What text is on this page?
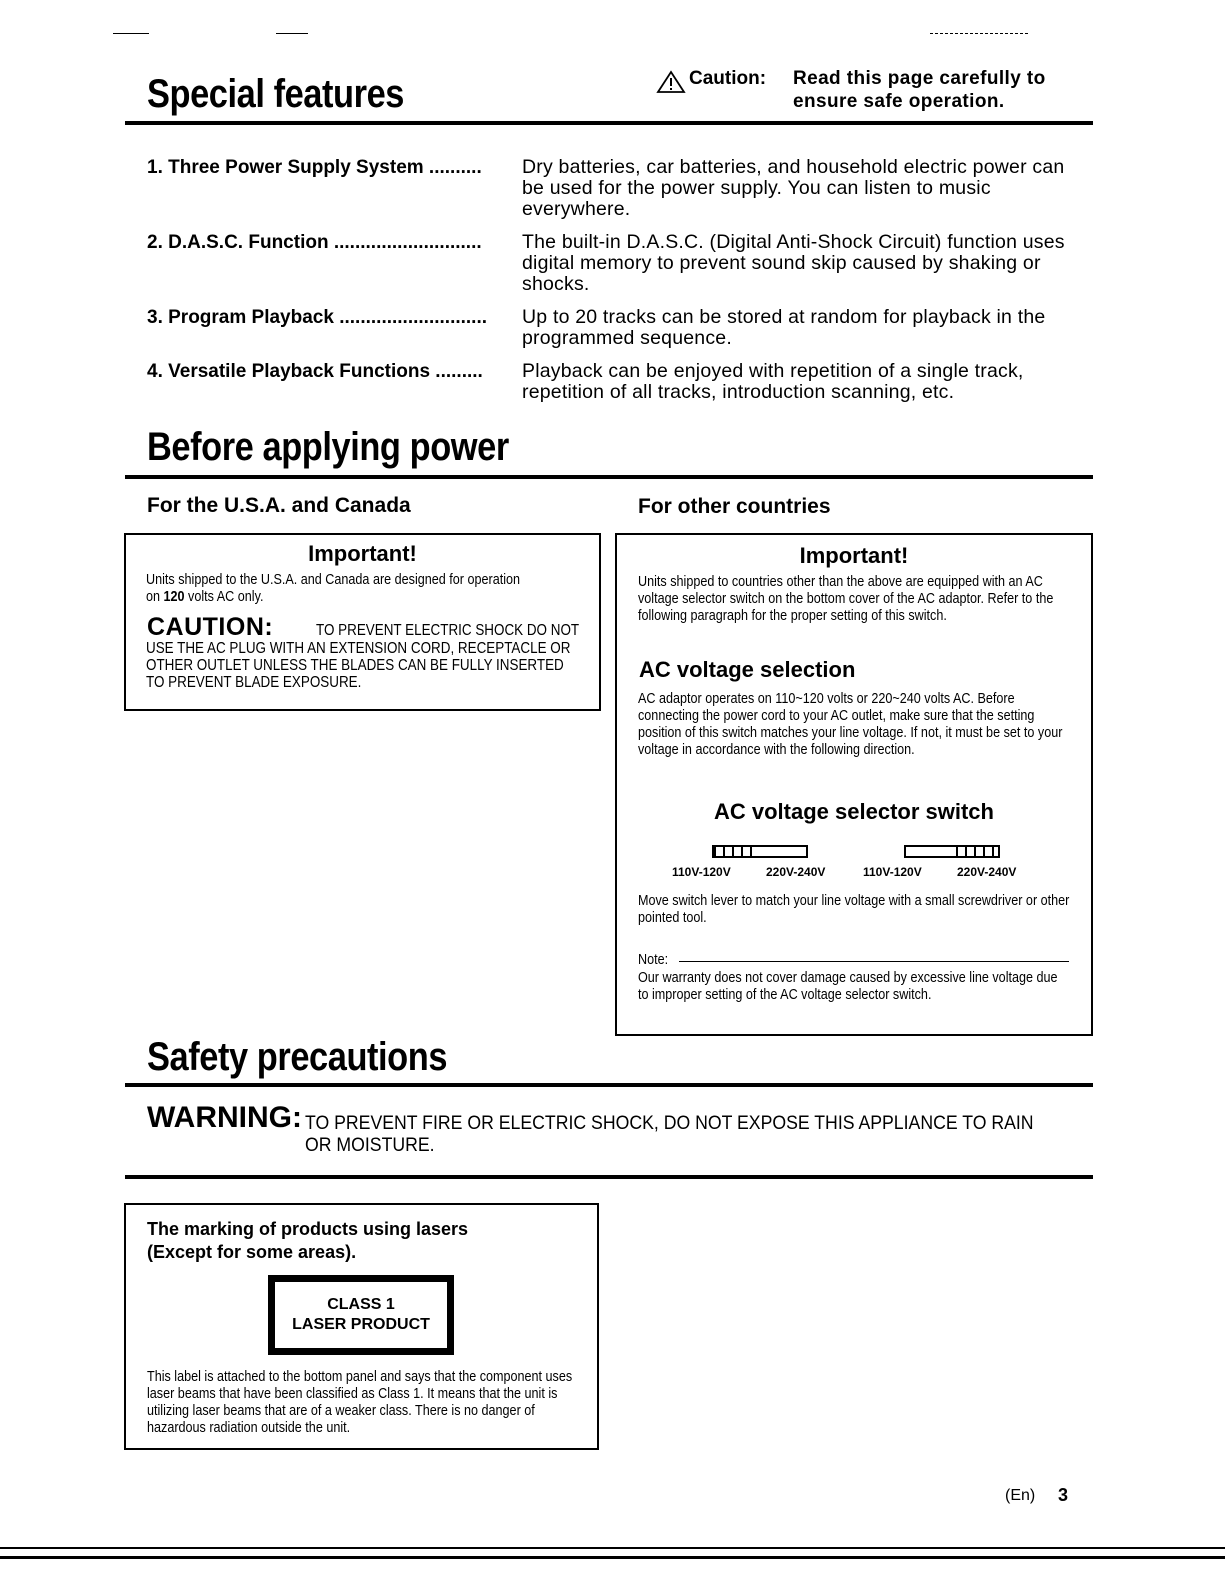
Special features	Caution: Read this page carefully to
ensure safe operation.
1. Three Power Supply System .......... Dry batteries, car batteries, and household electric power can be used for the power supply. You can listen to music everywhere.
2. D.A.S.C. Function ............................ The built-in D.A.S.C. (Digital Anti-Shock Circuit) function uses digital memory to prevent sound skip caused by shaking or shocks.
3. Program Playback ............................ Up to 20 tracks can be stored at random for playback in the programmed sequence.
4. Versatile Playback Functions ......... Playback can be enjoyed with repetition of a single track, repetition of all tracks, introduction scanning, etc.
Before applying power
For the U.S.A. and Canada	For other countries
Important!
Units shipped to the U.S.A. and Canada are designed for operation
on 120 volts AC only.
CAUTION:	TO PREVENT ELECTRIC SHOCK DO NOT
USE THE AC PLUG WITH AN EXTENSION CORD, RECEPTACLE OR
OTHER OUTLET UNLESS THE BLADES CAN BE FULLY INSERTED
TO PREVENT BLADE EXPOSURE.
Important!
Units shipped to countries other than the above are equipped with an AC voltage selector switch on the bottom cover of the AC adaptor. Refer to the following paragraph for the proper setting of this switch.
AC voltage selection
AC adaptor operates on 110~120 volts or 220~240 volts AC. Before connecting the power cord to your AC outlet, make sure that the setting position of this switch matches your line voltage. If not, it must be set to your voltage in accordance with the following direction.
AC voltage selector switch
110V-120V	220V-240V	110V-120V	220V-240V
Move switch lever to match your line voltage with a small screwdriver or other pointed tool.
Note:
Our warranty does not cover damage caused by excessive line voltage due to improper setting of the AC voltage selector switch.
Safety precautions
WARNING: TO PREVENT FIRE OR ELECTRIC SHOCK, DO NOT EXPOSE THIS APPLIANCE TO RAIN
OR MOISTURE.
The marking of products using lasers
(Except for some areas).
CLASS 1
LASER PRODUCT
This label is attached to the bottom panel and says that the component uses laser beams that have been classified as Class 1. It means that the unit is utilizing laser beams that are of a weaker class. There is no danger of hazardous radiation outside the unit.
(En) 3
